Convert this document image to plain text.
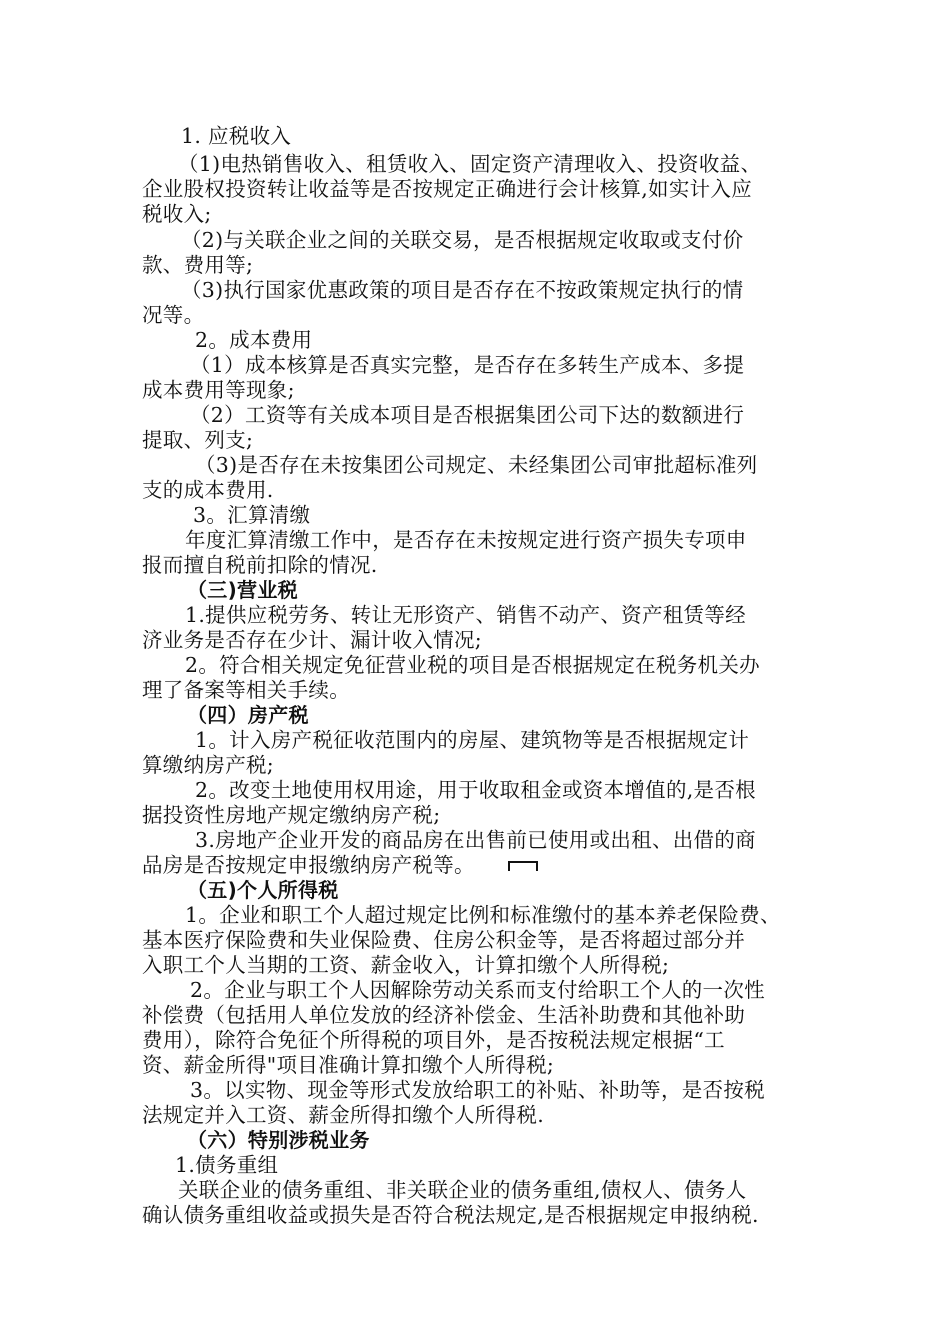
1. 应税收入
（1)电热销售收入、租赁收入、固定资产清理收入、投资收益、
企业股权投资转让收益等是否按规定正确进行会计核算,如实计入应
税收入;
（2)与关联企业之间的关联交易，是否根据规定收取或支付价
款、费用等;
（3)执行国家优惠政策的项目是否存在不按政策规定执行的情
况等。
2。成本费用
（1）成本核算是否真实完整，是否存在多转生产成本、多提
成本费用等现象;
（2）工资等有关成本项目是否根据集团公司下达的数额进行
提取、列支;
（3)是否存在未按集团公司规定、未经集团公司审批超标准列
支的成本费用.
3。汇算清缴
年度汇算清缴工作中，是否存在未按规定进行资产损失专项申
报而擅自税前扣除的情况.
（三)营业税
1.提供应税劳务、转让无形资产、销售不动产、资产租赁等经
济业务是否存在少计、漏计收入情况;
2。符合相关规定免征营业税的项目是否根据规定在税务机关办
理了备案等相关手续。
（四）房产税
1。计入房产税征收范围内的房屋、建筑物等是否根据规定计
算缴纳房产税;
2。改变土地使用权用途，用于收取租金或资本增值的,是否根
据投资性房地产规定缴纳房产税;
3.房地产企业开发的商品房在出售前已使用或出租、出借的商
品房是否按规定申报缴纳房产税等。
（五)个人所得税
1。企业和职工个人超过规定比例和标准缴付的基本养老保险费、
基本医疗保险费和失业保险费、住房公积金等，是否将超过部分并
入职工个人当期的工资、薪金收入，计算扣缴个人所得税;
2。企业与职工个人因解除劳动关系而支付给职工个人的一次性
补偿费（包括用人单位发放的经济补偿金、生活补助费和其他补助
费用），除符合免征个所得税的项目外，是否按税法规定根据“工
资、薪金所得"项目准确计算扣缴个人所得税;
3。以实物、现金等形式发放给职工的补贴、补助等，是否按税
法规定并入工资、薪金所得扣缴个人所得税.
（六）特别涉税业务
1.债务重组
关联企业的债务重组、非关联企业的债务重组,债权人、债务人
确认债务重组收益或损失是否符合税法规定,是否根据规定申报纳税.
